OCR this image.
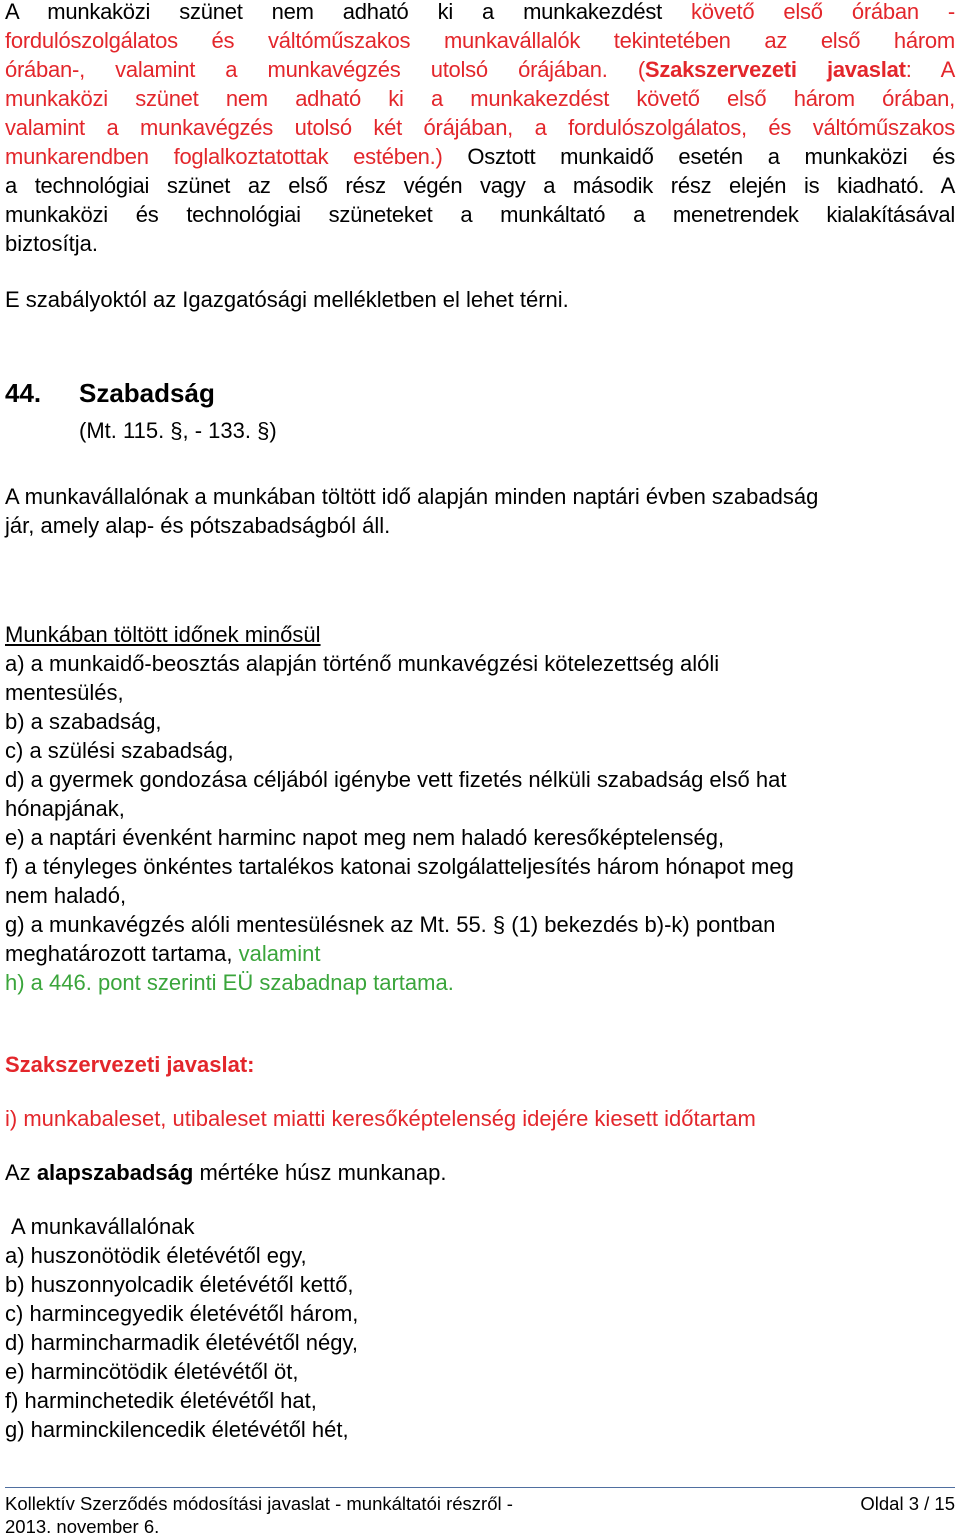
A munkaközi szünet nem adható ki a munkakezdést követő első órában -
fordulószolgálatos és váltóműszakos munkavállalók tekintetében az első három
órában-, valamint a munkavégzés utolsó órájában. (Szakszervezeti javaslat: A
munkaközi szünet nem adható ki a munkakezdést követő első három órában,
valamint a munkavégzés utolsó két órájában, a fordulószolgálatos, és váltóműszakos
munkarendben foglalkoztatottak estében.) Osztott munkaidő esetén a munkaközi és
a technológiai szünet az első rész végén vagy a második rész elején is kiadható. A
munkaközi és technológiai szüneteket a munkáltató a menetrendek kialakításával
biztosítja.
E szabályoktól az Igazgatósági mellékletben el lehet térni.
44. Szabadság
(Mt. 115. §, - 133. §)
A munkavállalónak a munkában töltött idő alapján minden naptári évben szabadság
jár, amely alap- és pótszabadságból áll.
Munkában töltött időnek minősül
a) a munkaidő-beosztás alapján történő munkavégzési kötelezettség alóli
mentesülés,
b) a szabadság,
c) a szülési szabadság,
d) a gyermek gondozása céljából igénybe vett fizetés nélküli szabadság első hat
hónapjának,
e) a naptári évenként harminc napot meg nem haladó keresőképtelenség,
f) a tényleges önkéntes tartalékos katonai szolgálatteljesítés három hónapot meg
nem haladó,
g) a munkavégzés alóli mentesülésnek az Mt. 55. § (1) bekezdés b)-k) pontban
meghatározott tartama, valamint
h) a 446. pont szerinti EÜ szabadnap tartama.
Szakszervezeti javaslat:
i) munkabaleset, utibaleset miatti keresőképtelenség idejére kiesett időtartam
Az alapszabadság mértéke húsz munkanap.
A munkavállalónak
a) huszonötödik életévétől egy,
b) huszonnyolcadik életévétől kettő,
c) harmincegyedik életévétől három,
d) harmincharmadik életévétől négy,
e) harmincötödik életévétől öt,
f) harminchetedik életévétől hat,
g) harminckilencedik életévétől hét,
Kollektív Szerződés módosítási javaslat - munkáltatói részről -	Oldal 3 / 15
2013. november 6.
